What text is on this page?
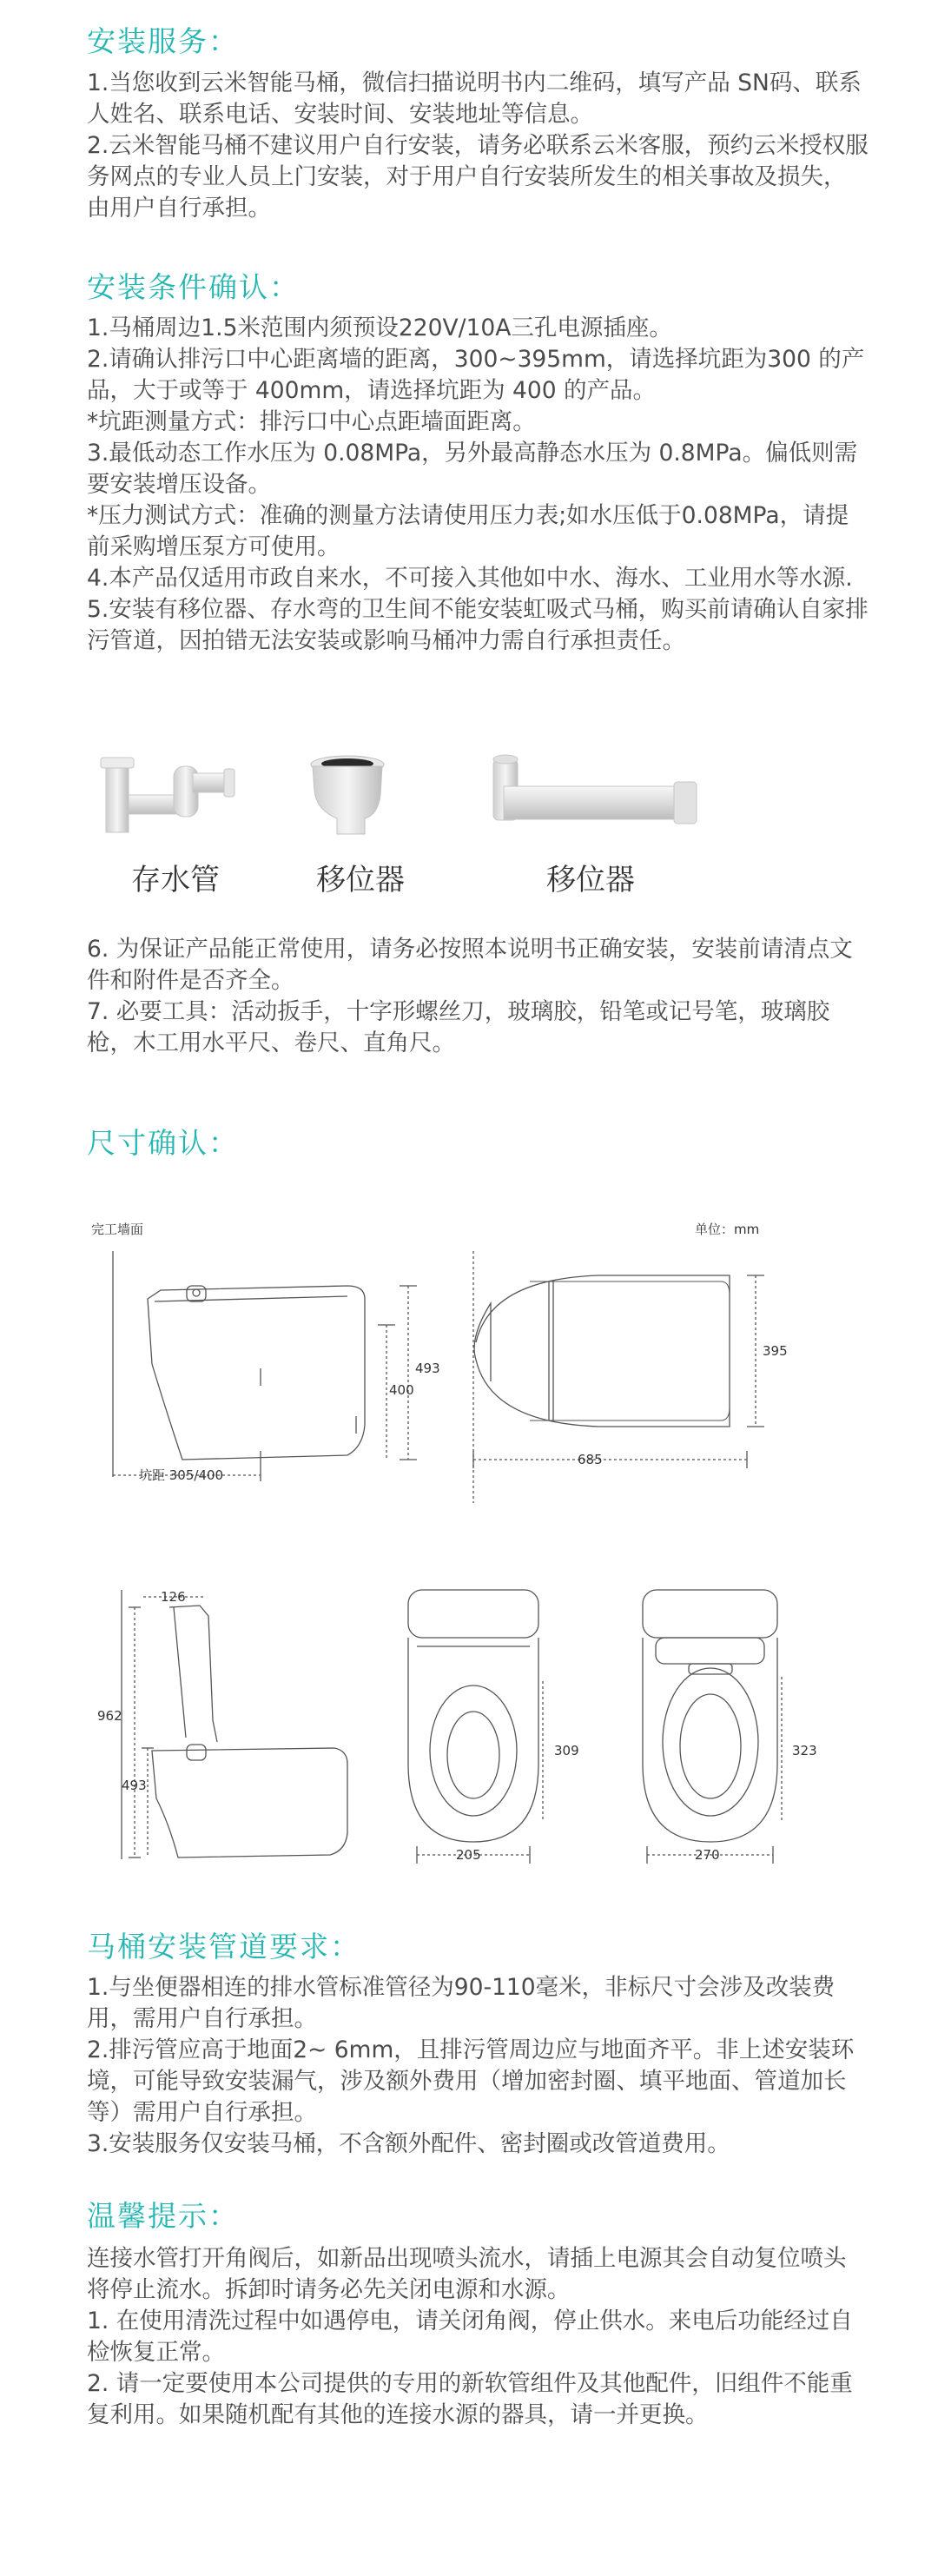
安装服务：

1.当您收到云米智能马桶，微信扫描说明书内二维码，填写产品 SN码、联系人姓名、联系电话、安装时间、安装地址等信息。

2.云米智能马桶不建议用户自行安装，请务必联系云米客服，预约云米授权服务网点的专业人员上门安装，对于用户自行安装所发生的相关事故及损失，由用户自行承担。

安装条件确认：

1.马桶周边1.5米范围内须预设220V/10A三孔电源插座。

2.请确认排污口中心距离墙的距离，300~395mm，请选择坑距为300 的产品，大于或等于 400mm，请选择坑距为 400 的产品。

*坑距测量方式：排污口中心点距墙面距离。

3.最低动态工作水压为 0.08MPa，另外最高静态水压为 0.8MPa。偏低则需要安装增压设备。

*压力测试方式：准确的测量方法请使用压力表;如水压低于0.08MPa，请提前采购增压泵方可使用。

4.本产品仅适用市政自来水，不可接入其他如中水、海水、工业用水等水源.

5.安装有移位器、存水弯的卫生间不能安装虹吸式马桶，购买前请确认自家排污管道，因拍错无法安装或影响马桶冲力需自行承担责任。

存水管	移位器	移位器

6. 为保证产品能正常使用，请务必按照本说明书正确安装，安装前请清点文件和附件是否齐全。

7. 必要工具：活动扳手，十字形螺丝刀，玻璃胶，铅笔或记号笔，玻璃胶枪，木工用水平尺、卷尺、直角尺。

尺寸确认：
完工墙面	单位：mm
493
400
坑距 305/400
395
685
126
962
493
309
205
323
270
马桶安装管道要求：

1.与坐便器相连的排水管标准管径为90-110毫米，非标尺寸会涉及改装费用，需用户自行承担。

2.排污管应高于地面2~ 6mm，且排污管周边应与地面齐平。非上述安装环境，可能导致安装漏气，涉及额外费用（增加密封圈、填平地面、管道加长等）需用户自行承担。

3.安装服务仅安装马桶，不含额外配件、密封圈或改管道费用。

温馨提示：

连接水管打开角阀后，如新品出现喷头流水，请插上电源其会自动复位喷头将停止流水。拆卸时请务必先关闭电源和水源。

1. 在使用清洗过程中如遇停电，请关闭角阀，停止供水。来电后功能经过自检恢复正常。

2. 请一定要使用本公司提供的专用的新软管组件及其他配件，旧组件不能重复利用。如果随机配有其他的连接水源的器具，请一并更换。
